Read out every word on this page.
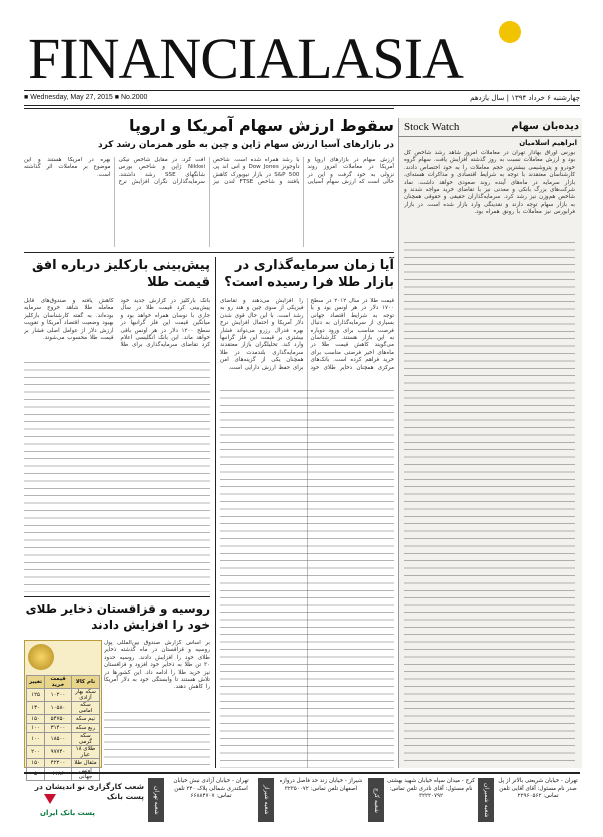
FINANCIALASIA
■ Wednesday, May 27, 2015 ■ No.2000	چهارشنبه ۶ خرداد ۱۳۹۴ | سال یازدهم
سقوط ارزش سهام آمریکا و اروپا
در بازارهای آسیا ارزش سهام ژاپن و چین به طور همزمان رشد کرد
ارزش سهام در بازارهای اروپا و آمریکا در معاملات امروز روند نزولی به خود گرفت و این در حالی است که ارزش سهام آسیایی با رشد همراه شده است. شاخص داوجونز Dow Jones و اس اند پی S&P 500 در بازار نیویورک کاهش یافتند و شاخص FTSE لندن نیز افت کرد. در مقابل شاخص نیکی Nikkei ژاپن و شاخص بورس شانگهای SSE رشد داشتند. سرمایه‌گذاران نگران افزایش نرخ بهره در آمریکا هستند و این موضوع بر معاملات اثر گذاشته است.
آیا زمان سرمایه‌گذاری در بازار طلا فرا رسیده است؟
قیمت طلا در سال ۲۰۱۲ در سطح ۱۷۰۰ دلار در هر اونس بود و با توجه به شرایط اقتصاد جهانی بسیاری از سرمایه‌گذاران به دنبال فرصت مناسب برای ورود دوباره به این بازار هستند. کارشناسان می‌گویند کاهش قیمت طلا در ماه‌های اخیر فرصتی مناسب برای خرید فراهم کرده است. بانک‌های مرکزی همچنان ذخایر طلای خود را افزایش می‌دهند و تقاضای فیزیکی از سوی چین و هند رو به رشد است. با این حال قوی شدن دلار آمریکا و احتمال افزایش نرخ بهره فدرال رزرو می‌تواند فشار بیشتری بر قیمت این فلز گرانبها وارد کند. تحلیلگران بازار معتقدند سرمایه‌گذاری بلندمدت در طلا همچنان یکی از گزینه‌های امن برای حفظ ارزش دارایی است.
پیش‌بینی بارکلیز درباره افق قیمت طلا
بانک بارکلیز در گزارش جدید خود پیش‌بینی کرد قیمت طلا در سال جاری با نوسان همراه خواهد بود و میانگین قیمت این فلز گرانبها در سطح ۱۲۰۰ دلار در هر اونس باقی خواهد ماند. این بانک انگلیسی اعلام کرد تقاضای سرمایه‌گذاری برای طلا کاهش یافته و صندوق‌های قابل معامله طلا شاهد خروج سرمایه بوده‌اند. به گفته کارشناسان بارکلیز بهبود وضعیت اقتصاد آمریکا و تقویت ارزش دلار از عوامل اصلی فشار بر قیمت طلا محسوب می‌شوند.
روسیه و قزاقستان ذخایر طلای خود را افزایش دادند
بر اساس گزارش صندوق بین‌المللی پول روسیه و قزاقستان در ماه گذشته ذخایر طلای خود را افزایش دادند. روسیه حدود ۳۰ تن طلا به ذخایر خود افزود و قزاقستان نیز خرید طلا را ادامه داد. این کشورها در تلاش هستند تا وابستگی خود به دلار آمریکا را کاهش دهند.
نام کالا	قیمت خرید	تغییر
سکه بهار آزادی	۱۰۲۰۰	۱۲۵
سکه امامی	۱۰۵۸۰	۱۳۰
نیم سکه	۵۴۷۵۰	۱۵۰
ربع سکه	۳۱۴۰۰	۱۰۰
سکه گرمی	۱۸۵۰۰	۱۰۰
طلای ۱۸ عیار	۹۷۷۴۰	۲۰۰
مثقال طلا	۴۲۲۰۰	۱۵۰
اونس جهانی	۱۱۸۶	۵
Stock Watch	دیده‌بان سهام
ابراهیم اسلامیان
بورس اوراق بهادار تهران در معاملات امروز شاهد رشد شاخص کل بود و ارزش معاملات نسبت به روز گذشته افزایش یافت. سهام گروه خودرو و پتروشیمی بیشترین حجم معاملات را به خود اختصاص دادند. کارشناسان معتقدند با توجه به شرایط اقتصادی و مذاکرات هسته‌ای، بازار سرمایه در ماه‌های آینده روند صعودی خواهد داشت. نماد شرکت‌های بزرگ بانکی و معدنی نیز با تقاضای خرید مواجه شدند و شاخص هم‌وزن نیز رشد کرد. سرمایه‌گذاران حقیقی و حقوقی همچنان به بازار سهام توجه دارند و نقدینگی وارد بازار شده است. در بازار فرابورس نیز معاملات با رونق همراه بود.
شعب کارگزاری نو اندیشان در پست بانک	شعبه تهران
تهران - خیابان آزادی نبش خیابان اسکندری شمالی پلاک ۲۴۰ تلفن تماس: ۶۶۸۸۴۷۰۷	شعبه شیراز
شیراز - خیابان زند حد فاصل دروازه اصفهان تلفن تماس: ۳۲۳۵۰۰۷۲	شعبه کرج
کرج - میدان سپاه خیابان شهید بهشتی نام مسئول: آقای نادری تلفن تماس: ۳۲۲۲۰۷۹۲	شعبه شمیران
تهران - خیابان شریعتی بالاتر از پل صدر نام مسئول: آقای آقایی تلفن تماس: ۲۲۹۶۰۵۶۲
پست بانک ایران
